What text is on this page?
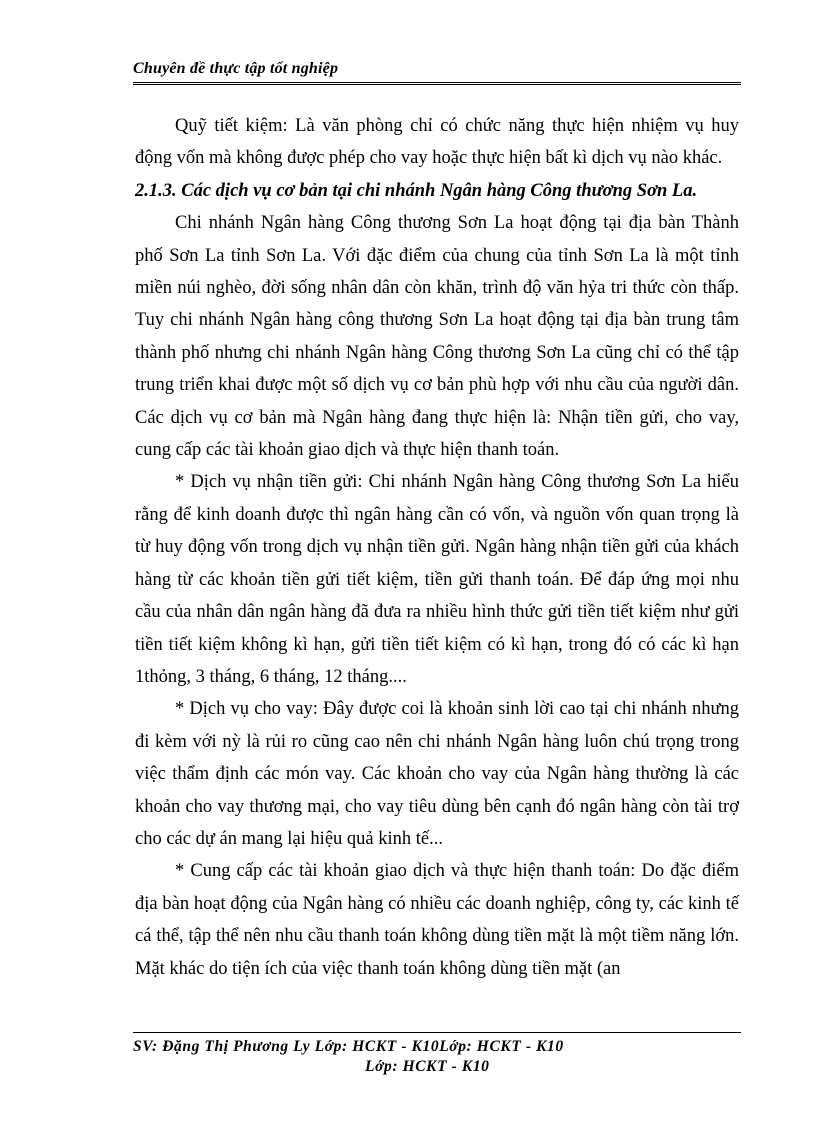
Chuyên đề thực tập tốt nghiệp

Quỹ tiết kiệm: Là văn phòng chỉ có chức năng thực hiện nhiệm vụ huy động vốn mà không được phép cho vay hoặc thực hiện bất kì dịch vụ nào khác.

2.1.3. Các dịch vụ cơ bản tại chi nhánh Ngân hàng Công thương Sơn La.

Chi nhánh Ngân hàng Công thương Sơn La hoạt động tại địa bàn Thành phố Sơn La tỉnh Sơn La. Với đặc điểm của chung của tỉnh Sơn La là một tỉnh miền núi nghèo, đời sống nhân dân còn khăn, trình độ văn hỷa tri thức còn thấp. Tuy chi nhánh Ngân hàng công thương Sơn La hoạt động tại địa bàn trung tâm thành phố nhưng chi nhánh Ngân hàng Công thương Sơn La cũng chỉ có thể tập trung triển khai được một số dịch vụ cơ bản phù hợp với nhu cầu của người dân. Các dịch vụ cơ bản mà Ngân hàng đang thực hiện là: Nhận tiền gửi, cho vay, cung cấp các tài khoản giao dịch và thực hiện thanh toán.

* Dịch vụ nhận tiền gửi: Chi nhánh Ngân hàng Công thương Sơn La hiểu rằng để kinh doanh được thì ngân hàng cần có vốn, và nguồn vốn quan trọng là từ huy động vốn trong dịch vụ nhận tiền gửi. Ngân hàng nhận tiền gửi của khách hàng từ các khoản tiền gửi tiết kiệm, tiền gửi thanh toán. Để đáp ứng mọi nhu cầu của nhân dân ngân hàng đã đưa ra nhiều hình thức gửi tiền tiết kiệm như gửi tiền tiết kiệm không kì hạn, gửi tiền tiết kiệm có kì hạn, trong đó có các kì hạn 1thỏng, 3 tháng, 6 tháng, 12 tháng....

* Dịch vụ cho vay: Đây được coi là khoản sinh lời cao tại chi nhánh nhưng đi kèm với nỳ là rủi ro cũng cao nên chi nhánh Ngân hàng luôn chú trọng trong việc thẩm định các món vay. Các khoản cho vay của Ngân hàng thường là các khoản cho vay thương mại, cho vay tiêu dùng bên cạnh đó ngân hàng còn tài trợ cho các dự án mang lại hiệu quả kinh tế...

* Cung cấp các tài khoản giao dịch và thực hiện thanh toán: Do đặc điểm địa bàn hoạt động của Ngân hàng có nhiều các doanh nghiệp, công ty, các kinh tế cá thể, tập thể nên nhu cầu thanh toán không dùng tiền mặt là một tiềm năng lớn. Mặt khác do tiện ích của việc thanh toán không dùng tiền mặt (an

SV: Đặng Thị Phương Ly Lớp: HCKT - K10Lớp: HCKT - K10
Lớp: HCKT - K10
